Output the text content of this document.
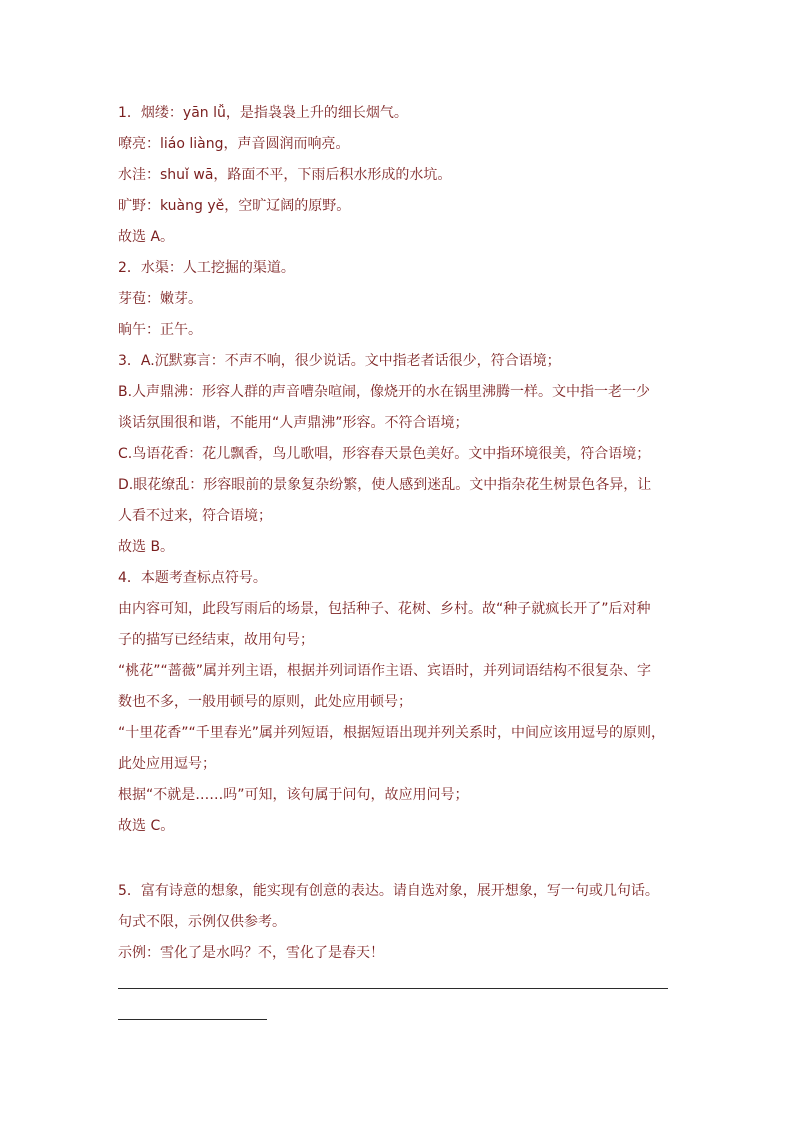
1．烟缕：yān lǚ，是指袅袅上升的细长烟气。
嘹亮：liáo liàng，声音圆润而响亮。
水洼：shuǐ wā，路面不平，下雨后积水形成的水坑。
旷野：kuàng yě，空旷辽阔的原野。
故选 A。
2．水渠：人工挖掘的渠道。
芽苞：嫩芽。
晌午：正午。
3．A.沉默寡言：不声不响，很少说话。文中指老者话很少，符合语境；
B.人声鼎沸：形容人群的声音嘈杂喧闹，像烧开的水在锅里沸腾一样。文中指一老一少
谈话氛围很和谐，不能用“人声鼎沸”形容。不符合语境；
C.鸟语花香：花儿飘香，鸟儿歌唱，形容春天景色美好。文中指环境很美，符合语境；
D.眼花缭乱：形容眼前的景象复杂纷繁，使人感到迷乱。文中指杂花生树景色各异，让
人看不过来，符合语境；
故选 B。
4．本题考查标点符号。
由内容可知，此段写雨后的场景，包括种子、花树、乡村。故“种子就疯长开了”后对种
子的描写已经结束，故用句号；
“桃花”“蔷薇”属并列主语，根据并列词语作主语、宾语时，并列词语结构不很复杂、字
数也不多，一般用顿号的原则，此处应用顿号；
“十里花香”“千里春光”属并列短语，根据短语出现并列关系时，中间应该用逗号的原则，
此处应用逗号；
根据“不就是……吗”可知，该句属于问句，故应用问号；
故选 C。
5．富有诗意的想象，能实现有创意的表达。请自选对象，展开想象，写一句或几句话。
句式不限，示例仅供参考。
示例：雪化了是水吗？不，雪化了是春天！
